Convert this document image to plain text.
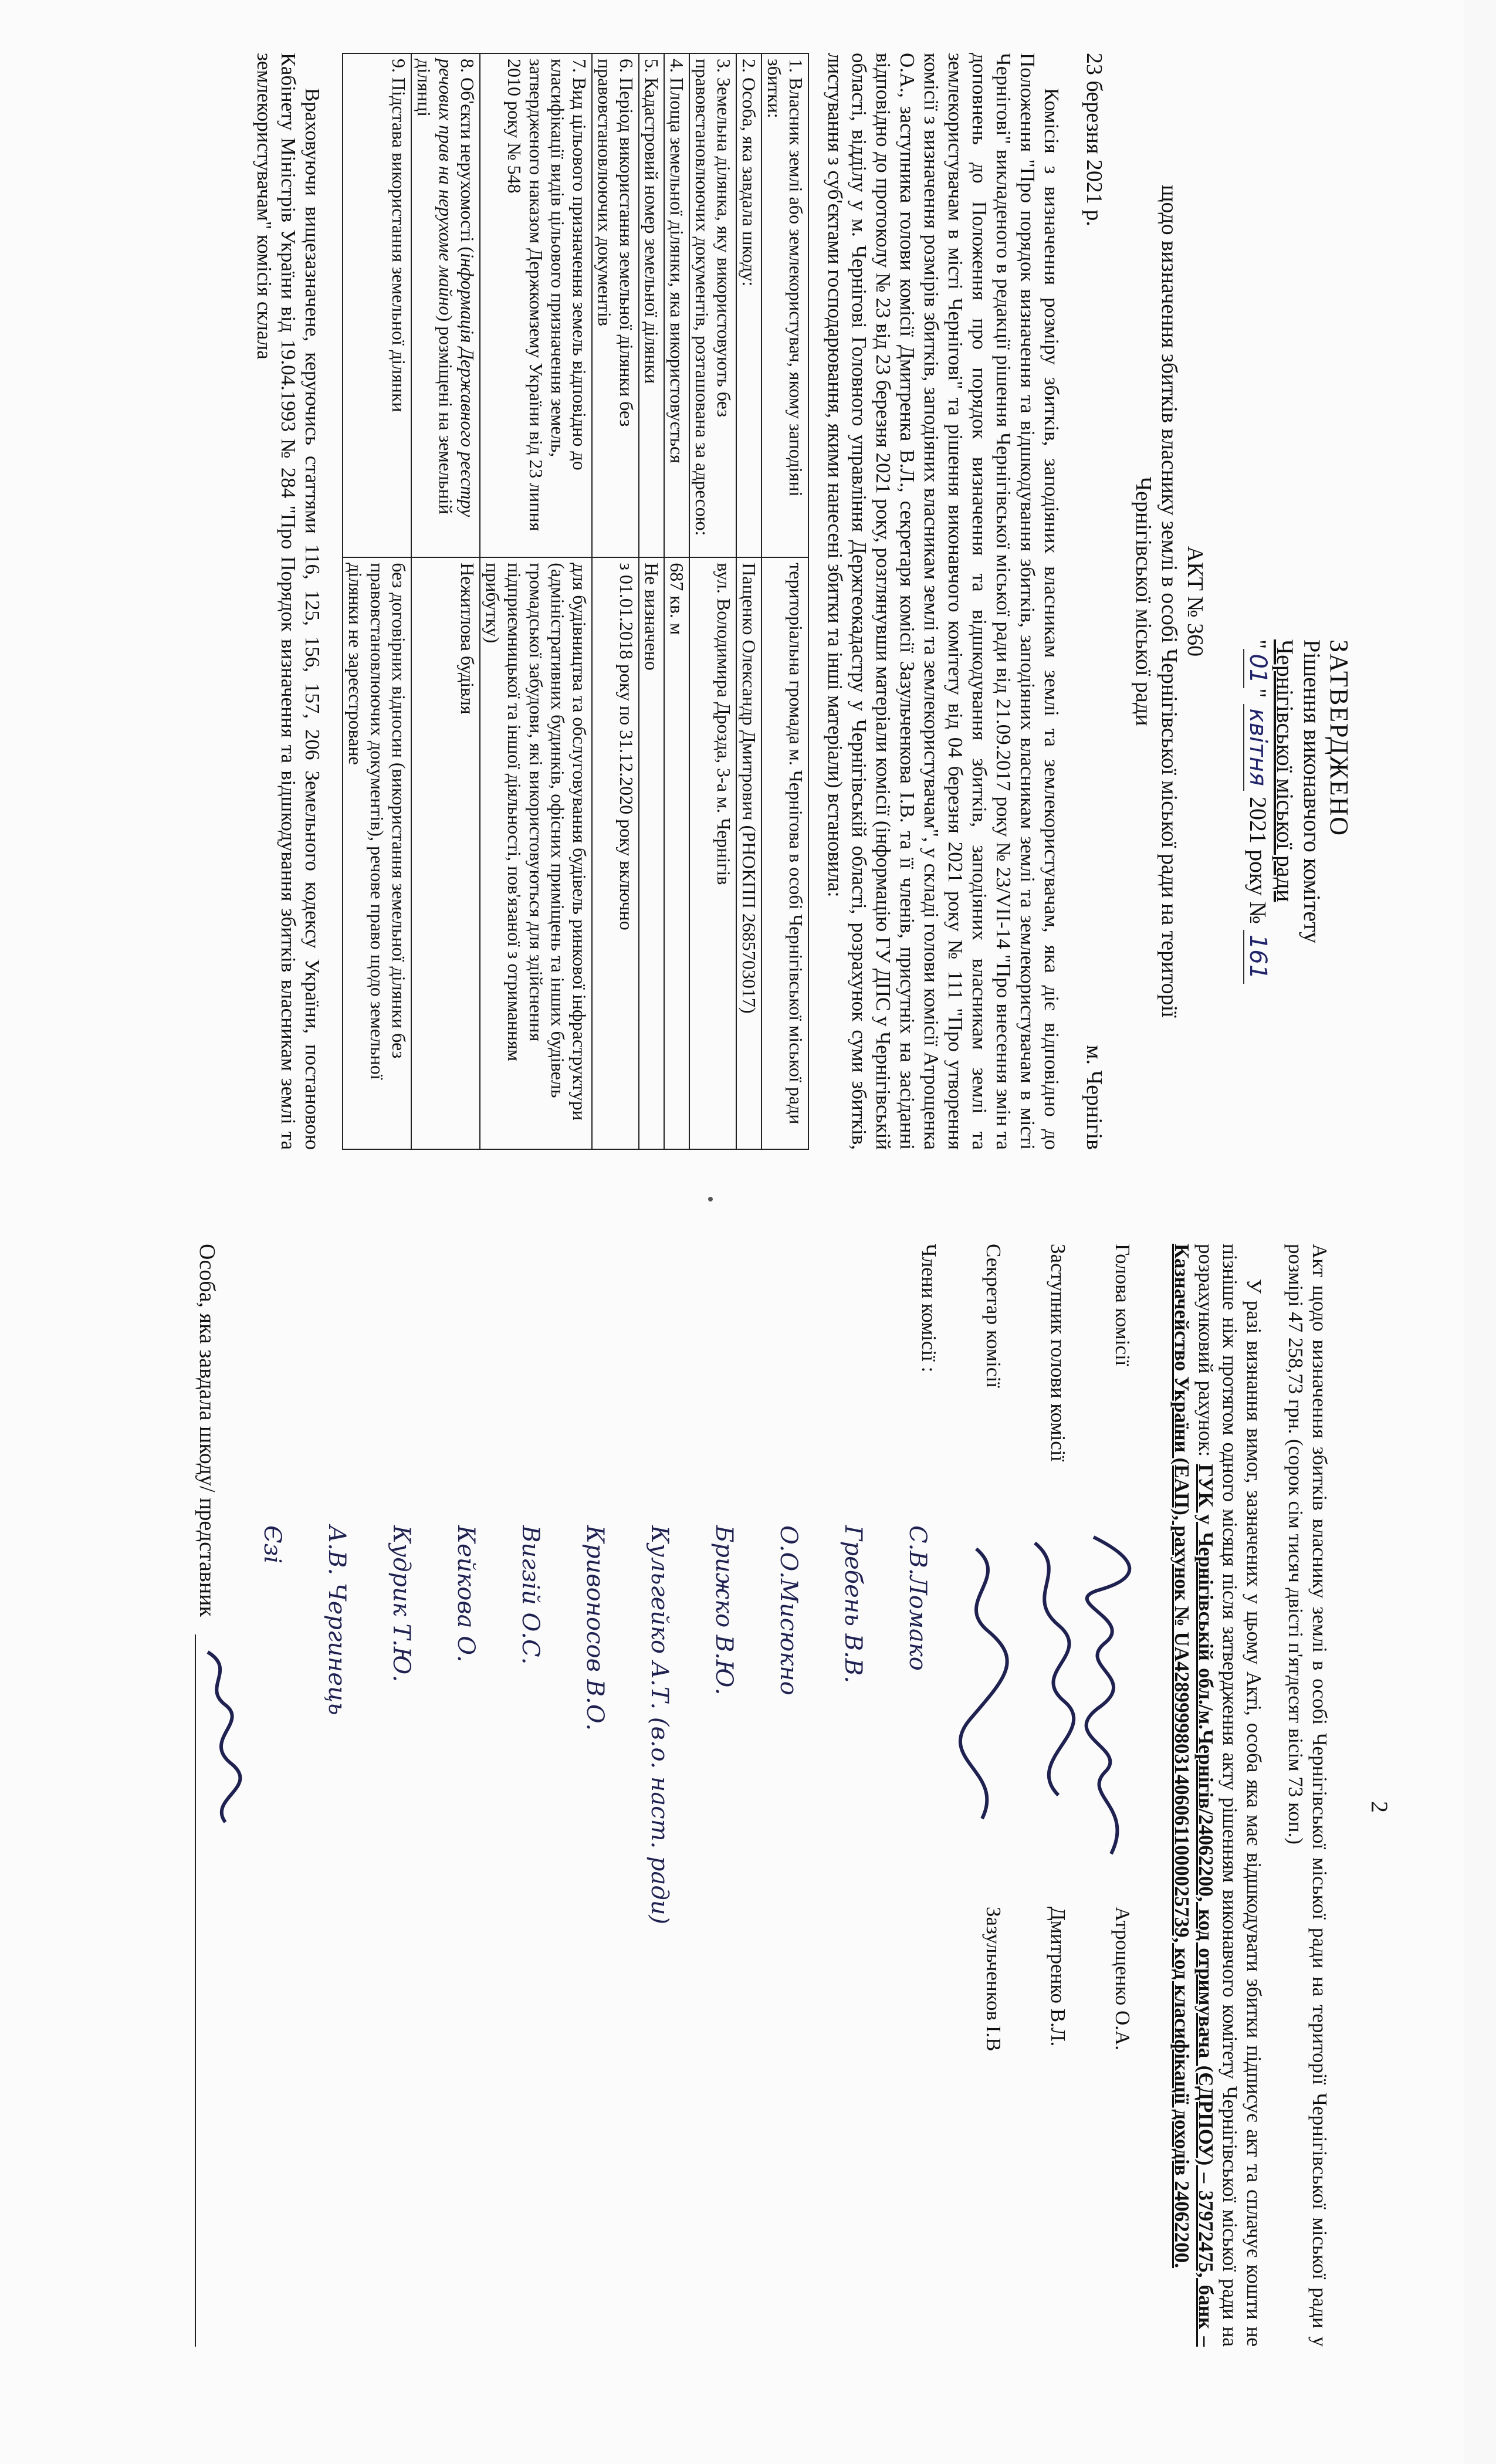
ЗАТВЕРДЖЕНО
Рішення виконавчого комітету
Чернігівської міської ради
"01" квітня 2021 року № 161
АКТ № 360
щодо визначення збитків власнику землі в особі Чернігівської міської ради на території
Чернігівської міської ради
23 березня 2021 р.
м. Чернігів
Комісія з визначення розміру збитків, заподіяних власникам землі та землекористувачам, яка діє відповідно до Положення "Про порядок визначення та відшкодування збитків, заподіяних власникам землі та землекористувачам в місті Чернігові" викладеного в редакції рішення Чернігівської міської ради від 21.09.2017 року № 23/VII-14 "Про внесення змін та доповнень до Положення про порядок визначення та відшкодування збитків, заподіяних власникам землі та землекористувачам в місті Чернігові" та рішення виконавчого комітету від 04 березня 2021 року № 111 "Про утворення комісії з визначення розмірів збитків, заподіяних власникам землі та землекористувачам", у складі голови комісії Атрощенка О.А., заступника голови комісії Дмитренка В.Л., секретаря комісії Зазульченкова І.В. та її членів, присутніх на засіданні відповідно до протоколу № 23 від 23 березня 2021 року, розглянувши матеріали комісії (інформацію ГУ ДПС у Чернігівській області, відділу у м. Чернігові Головного управління Держгеокадастру у Чернігівській області, розрахунок суми збитків, листування з суб'єктами господарювання, якими нанесені збитки та інші матеріали) встановила:
1. Власник землі або землекористувач, якому заподіяні збитки:	територіальна громада м. Чернігова в особі Чернігівської міської ради
2. Особа, яка завдала шкоду:	Пащенко Олександр Дмитрович (РНОКПП 2685703017)
3. Земельна ділянка, яку використовують без правовстановлюючих документів, розташована за адресою:	вул. Володимира Дрозда, 3-а м. Чернігів
4. Площа земельної ділянки, яка використовується	687 кв. м
5. Кадастровий номер земельної ділянки	Не визначено
6. Період використання земельної ділянки без правовстановлюючих документів	з 01.01.2018 року по 31.12.2020 року включно
7. Вид цільового призначення земель відповідно до класифікації видів цільового призначення земель, затвердженого наказом Держкомзему України від 23 липня 2010 року № 548	для будівництва та обслуговування будівель ринкової інфраструктури (адміністративних будинків, офісних приміщень та інших будівель громадської забудови, які використовуються для здійснення підприємницької та іншої діяльності, пов'язаної з отриманням прибутку)
8. Об'єкти нерухомості (інформація Державного реєстру речових прав на нерухоме майно) розміщені на земельній ділянці	Нежитлова будівля
9. Підстава використання земельної ділянки	без договірних відносин (використання земельної ділянки без правовстановлюючих документів), речове право щодо земельної ділянки не зареєстроване
Враховуючи вищезазначене, керуючись статтями 116, 125, 156, 157, 206 Земельного кодексу України, постановою Кабінету Міністрів України від 19.04.1993 № 284 "Про Порядок визначення та відшкодування збитків власникам землі та землекористувачам" комісія склала
2
Акт щодо визначення збитків власнику землі в особі Чернігівської міської ради на території Чернігівської міської ради у розмірі 47 258,73 грн. (сорок сім тисяч двісті п'ятдесят вісім 73 коп.)
У разі визнання вимог, зазначених у цьому Акті, особа яка має відшкодувати збитки підписує акт та сплачує кошти не пізніше ніж протягом одного місяця після затвердження акту рішенням виконавчого комітету Чернігівської міської ради на розрахунковий рахунок: ГУК у Чернігівській обл./м.Чернігів/24062200, код отримувача (ЄДРПОУ) – 37972475, банк – Казначейство України (ЕАП), рахунок № UA428999980314060611000025739, код класифікації доходів 24062200.
Голова комісії
Атрощенко О.А.
Заступник голови комісії
Дмитренко В.Л.
Секретар комісії
Зазульченков І.В
Члени комісії :
С.В.Ломако
Гребень В.В.
О.О.Мисюкно
Брижко В.Ю.
Кульгейко А.Т. (в.о. наст. ради)
Кривоносов В.О.
Вигзій О.С.
Кейкова О.
Кудрик Т.Ю.
А.В. Чергинець
Єзі
Особа, яка завдала шкоду/ представник
